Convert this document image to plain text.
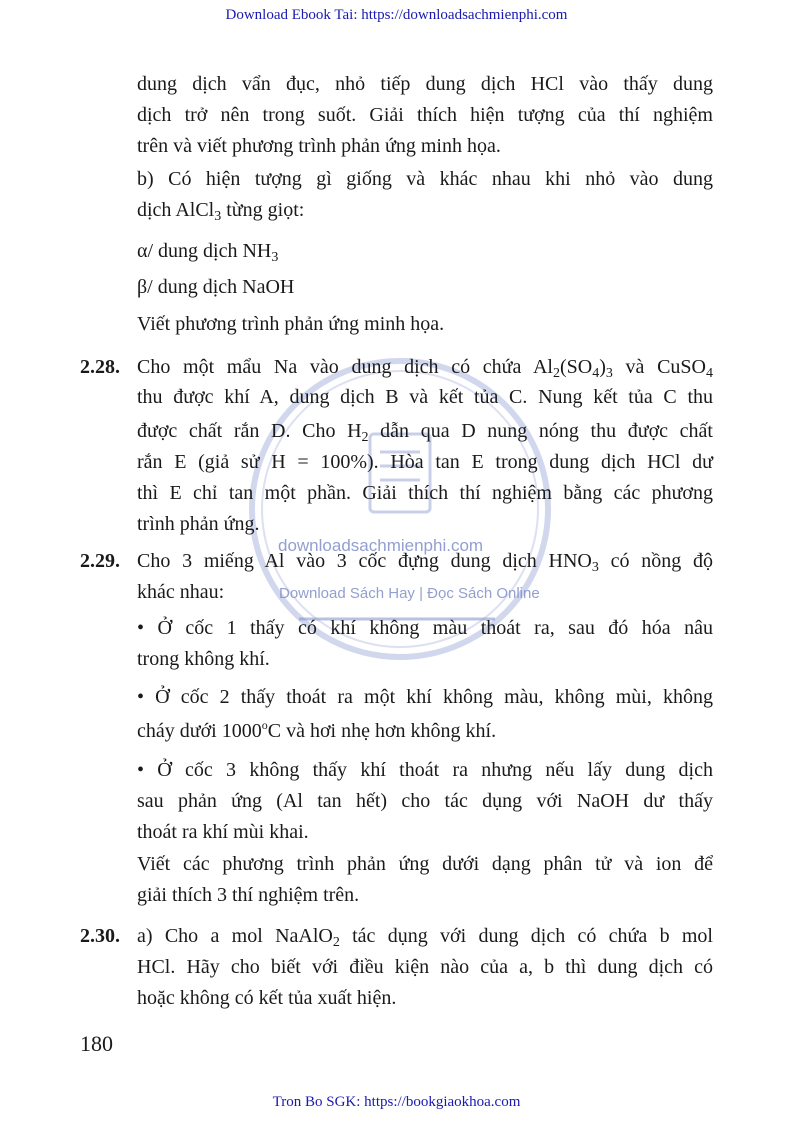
Download Ebook Tai: https://downloadsachmienphi.com
Tron Bo SGK: https://bookgiaokhoa.com
downloadsachmienphi.com
Download Sách Hay | Đọc Sách Online
dung dịch vẩn đục, nhỏ tiếp dung dịch HCl vào thấy dung
dịch trở nên trong suốt. Giải thích hiện tượng của thí nghiệm
trên và viết phương trình phản ứng minh họa.
b) Có hiện tượng gì giống và khác nhau khi nhỏ vào dung
dịch AlCl$_3$ từng giọt:
α/ dung dịch $NH_3$
β/ dung dịch NaOH
Viết phương trình phản ứng minh họa.
2.28. Cho một mẩu Na vào dung dịch có chứa $Al_2(SO_4)_3$ và CuSO$_4$
thu được khí A, dung dịch B và kết tủa C. Nung kết tủa C thu
được chất rắn D. Cho $H_2$ dẫn qua D nung nóng thu được chất
rắn E (giả sử H = 100%). Hòa tan E trong dung dịch HCl dư
thì E chỉ tan một phần. Giải thích thí nghiệm bằng các phương
trình phản ứng.
2.29. Cho 3 miếng Al vào 3 cốc đựng dung dịch $HNO_3$ có nồng độ
khác nhau:
• Ở cốc 1 thấy có khí không màu thoát ra, sau đó hóa nâu
trong không khí.
• Ở cốc 2 thấy thoát ra một khí không màu, không mùi, không
cháy dưới 1000$^o$C và hơi nhẹ hơn không khí.
• Ở cốc 3 không thấy khí thoát ra nhưng nếu lấy dung dịch
sau phản ứng (Al tan hết) cho tác dụng với NaOH dư thấy
thoát ra khí mùi khai.
Viết các phương trình phản ứng dưới dạng phân tử và ion để
giải thích 3 thí nghiệm trên.
2.30. a) Cho a mol NaAlO$_2$ tác dụng với dung dịch có chứa b mol
HCl. Hãy cho biết với điều kiện nào của a, b thì dung dịch có
hoặc không có kết tủa xuất hiện.
180
